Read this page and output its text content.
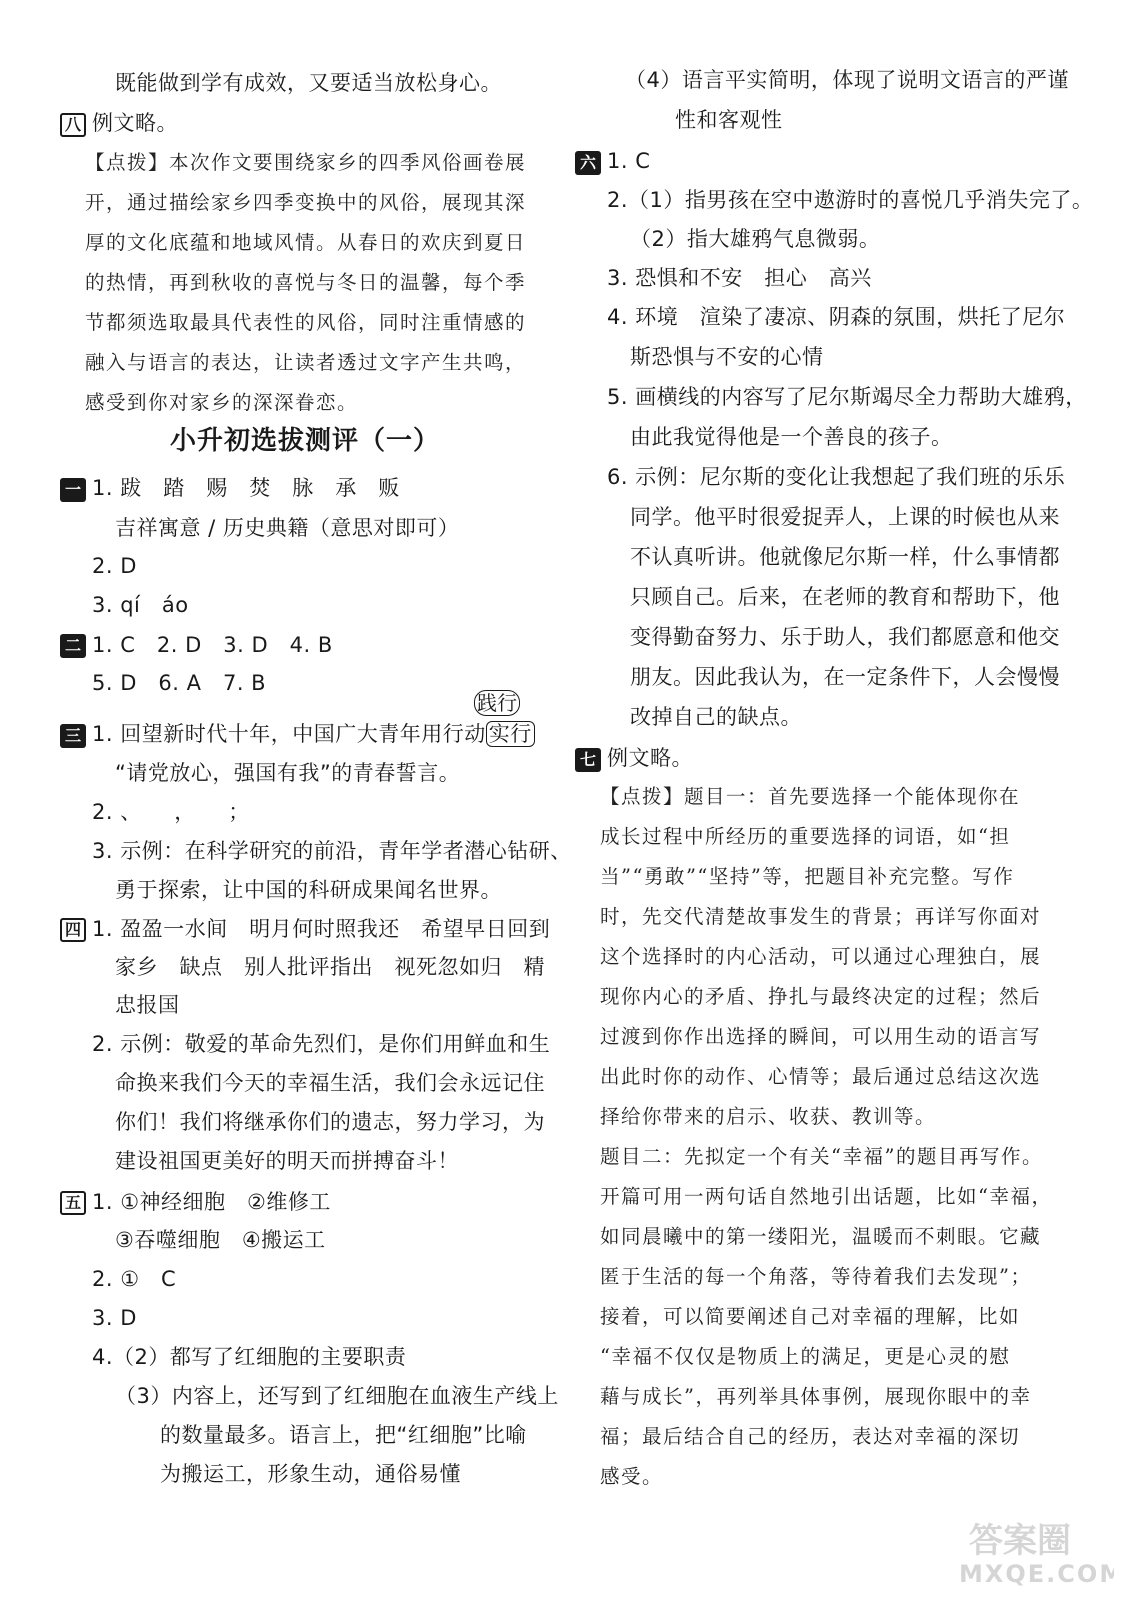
既能做到学有成效，又要适当放松身心。
八 例文略。
【点拨】本次作文要围绕家乡的四季风俗画卷展
开，通过描绘家乡四季变换中的风俗，展现其深
厚的文化底蕴和地域风情。从春日的欢庆到夏日
的热情，再到秋收的喜悦与冬日的温馨，每个季
节都须选取最具代表性的风俗，同时注重情感的
融入与语言的表达，让读者透过文字产生共鸣，
感受到你对家乡的深深眷恋。
小升初选拔测评（一）
一 1. 跋　踏　赐　焚　脉　承　贩
吉祥寓意 / 历史典籍（意思对即可）
2. D
3. qí　áo
二 1. C　2. D　3. D　4. B
5. D　6. A　7. B
三
践行
1. 回望新时代十年，中国广大青年用行动 实行
“请党放心，强国有我”的青春誓言。
2. 、　　，　　；
3. 示例：在科学研究的前沿，青年学者潜心钻研、
勇于探索，让中国的科研成果闻名世界。
四 1. 盈盈一水间　明月何时照我还　希望早日回到
家乡　缺点　别人批评指出　视死忽如归　精
忠报国
2. 示例：敬爱的革命先烈们，是你们用鲜血和生
命换来我们今天的幸福生活，我们会永远记住
你们！我们将继承你们的遗志，努力学习，为
建设祖国更美好的明天而拼搏奋斗！
五 1. ①神经细胞　②维修工
③吞噬细胞　④搬运工
2. ①　C
3. D
4.（2）都写了红细胞的主要职责
（3）内容上，还写到了红细胞在血液生产线上
的数量最多。语言上，把“红细胞”比喻
为搬运工，形象生动，通俗易懂
（4）语言平实简明，体现了说明文语言的严谨
性和客观性
六 1. C
2.（1）指男孩在空中遨游时的喜悦几乎消失完了。
（2）指大雄鸦气息微弱。
3. 恐惧和不安　担心　高兴
4. 环境　渲染了凄凉、阴森的氛围，烘托了尼尔
斯恐惧与不安的心情
5. 画横线的内容写了尼尔斯竭尽全力帮助大雄鸦，
由此我觉得他是一个善良的孩子。
6. 示例：尼尔斯的变化让我想起了我们班的乐乐
同学。他平时很爱捉弄人，上课的时候也从来
不认真听讲。他就像尼尔斯一样，什么事情都
只顾自己。后来，在老师的教育和帮助下，他
变得勤奋努力、乐于助人，我们都愿意和他交
朋友。因此我认为，在一定条件下，人会慢慢
改掉自己的缺点。
七 例文略。
【点拨】题目一：首先要选择一个能体现你在
成长过程中所经历的重要选择的词语，如“担
当”“勇敢”“坚持”等，把题目补充完整。写作
时，先交代清楚故事发生的背景；再详写你面对
这个选择时的内心活动，可以通过心理独白，展
现你内心的矛盾、挣扎与最终决定的过程；然后
过渡到你作出选择的瞬间，可以用生动的语言写
出此时你的动作、心情等；最后通过总结这次选
择给你带来的启示、收获、教训等。
题目二：先拟定一个有关“幸福”的题目再写作。
开篇可用一两句话自然地引出话题，比如“幸福，
如同晨曦中的第一缕阳光，温暖而不刺眼。它藏
匿于生活的每一个角落，等待着我们去发现”；
接着，可以简要阐述自己对幸福的理解，比如
“幸福不仅仅是物质上的满足，更是心灵的慰
藉与成长”，再列举具体事例，展现你眼中的幸
福；最后结合自己的经历，表达对幸福的深切
感受。
答案圈
MXQE.COM
